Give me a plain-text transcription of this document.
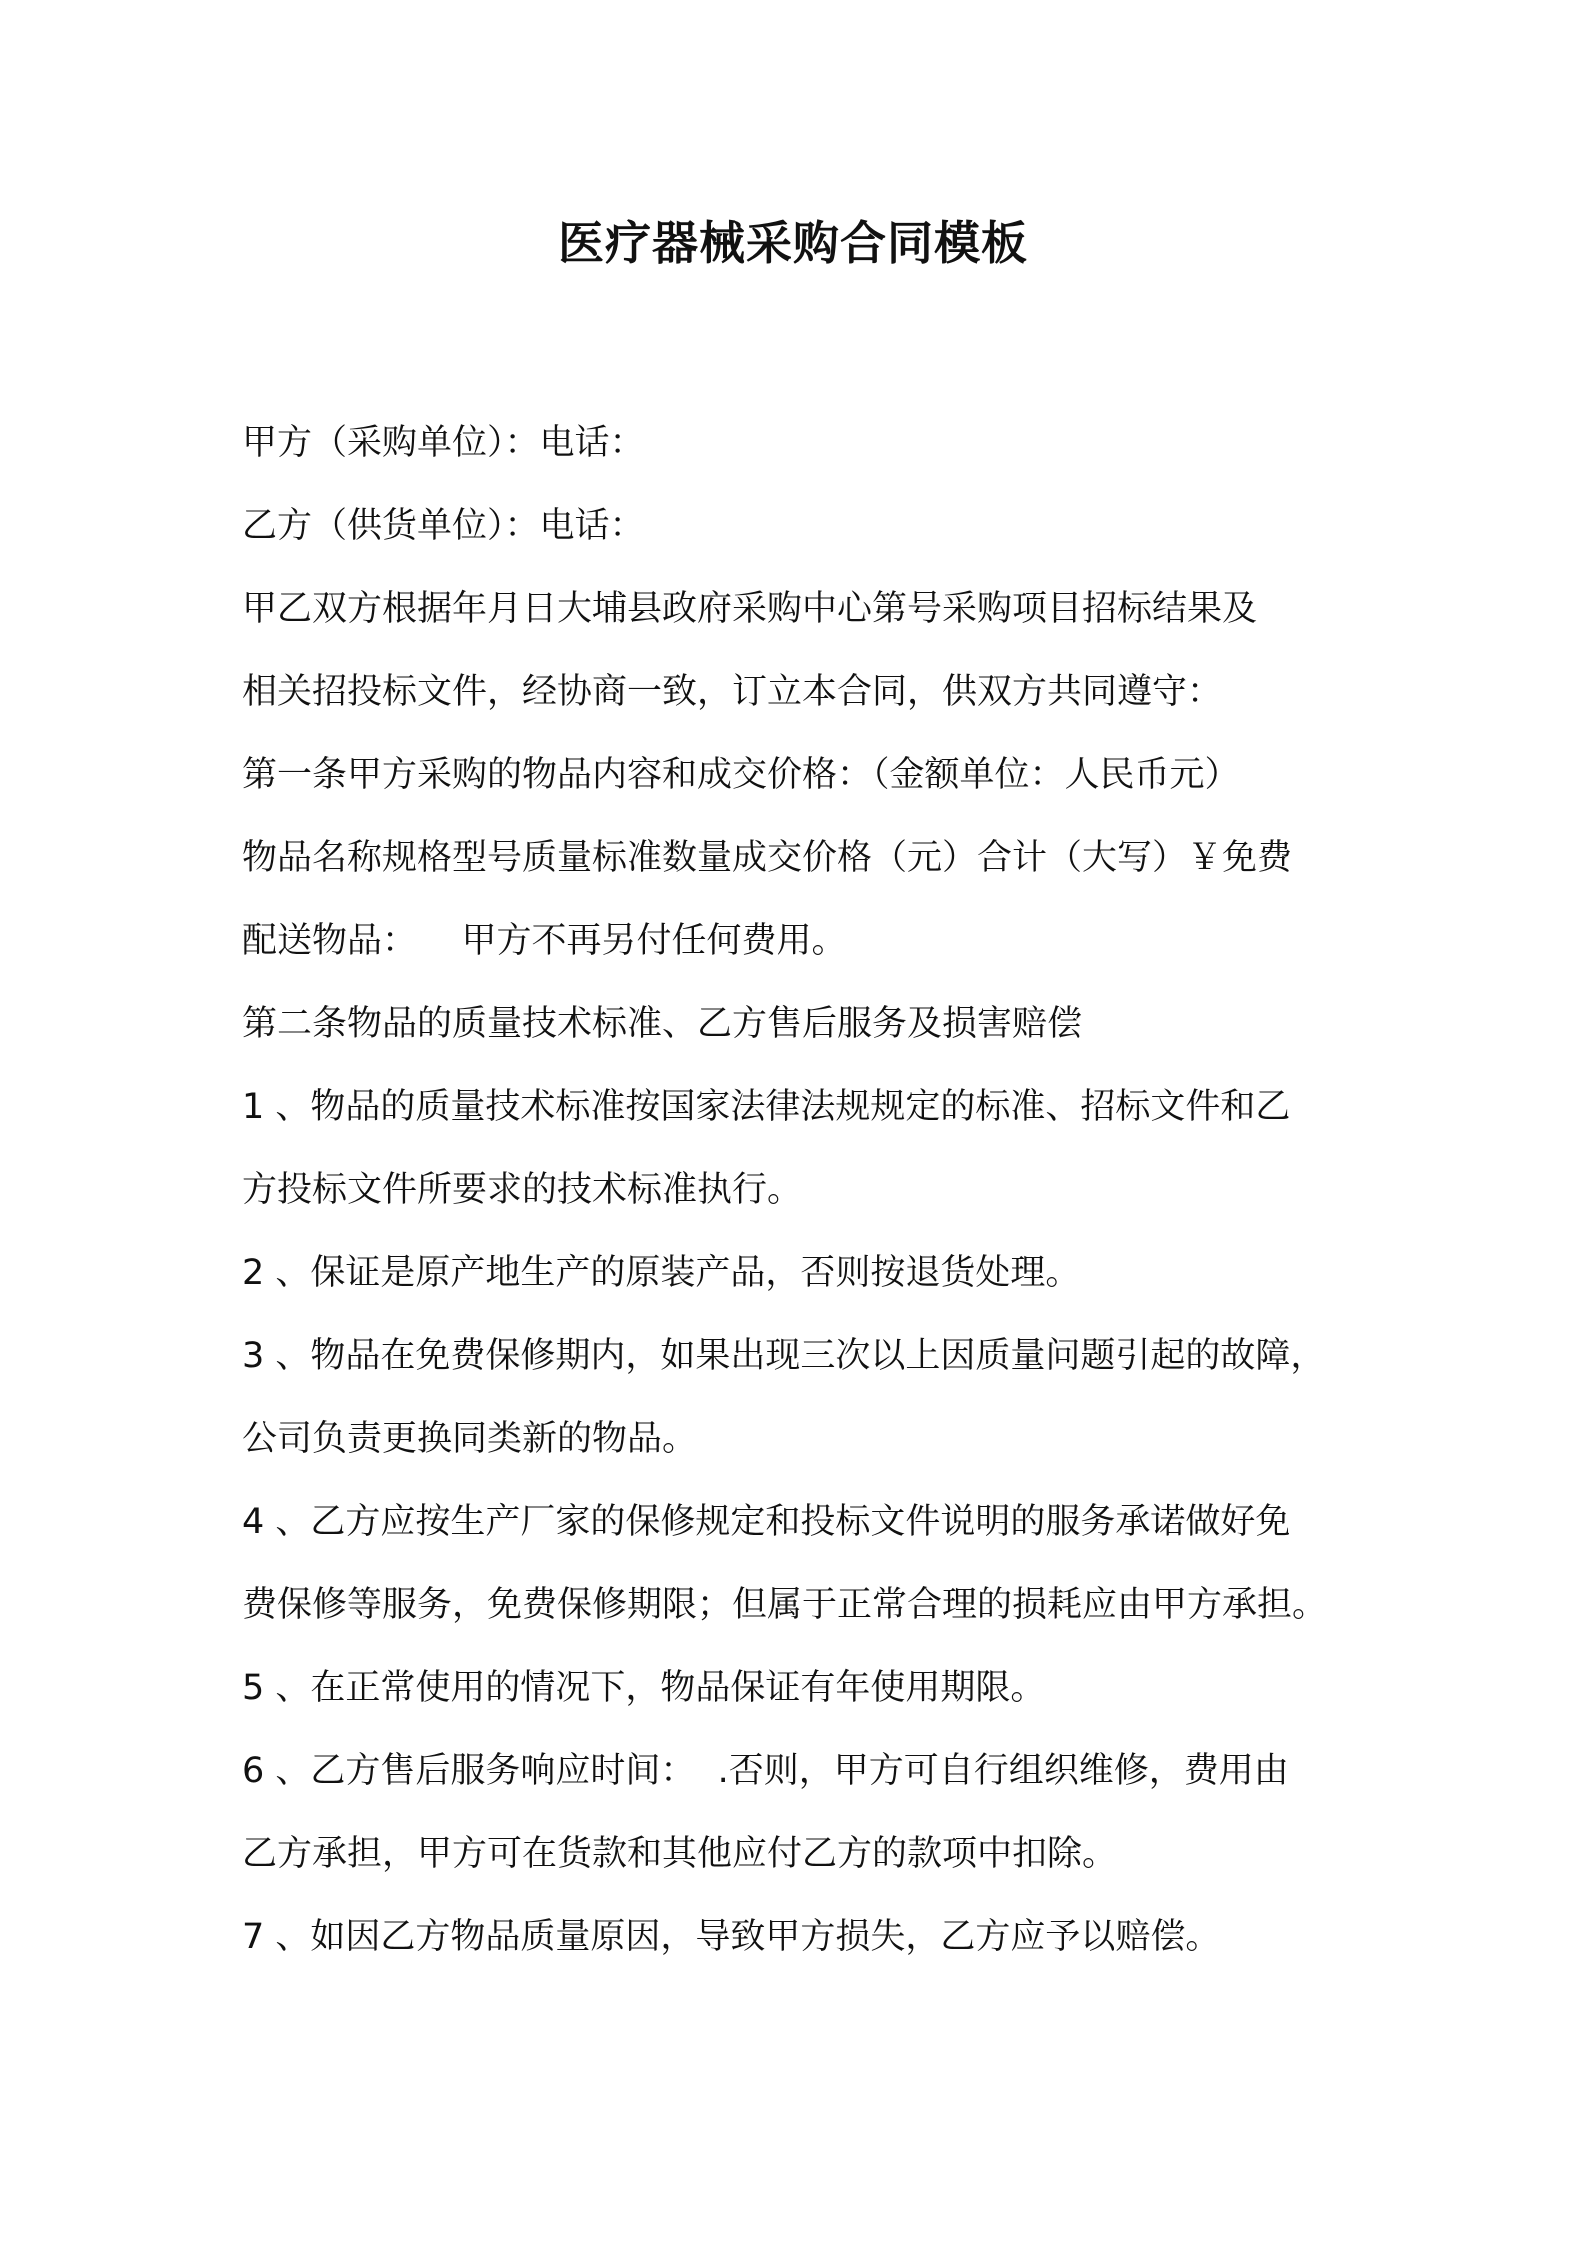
医疗器械采购合同模板

甲方（采购单位）：电话：

乙方（供货单位）：电话：

甲乙双方根据年月日大埔县政府采购中心第号采购项目招标结果及

相关招投标文件，经协商一致，订立本合同，供双方共同遵守：

第一条甲方采购的物品内容和成交价格：（金额单位：人民币元）

物品名称规格型号质量标准数量成交价格（元）合计（大写）￥免费

配送物品：    甲方不再另付任何费用。

第二条物品的质量技术标准、乙方售后服务及损害赔偿

1 、物品的质量技术标准按国家法律法规规定的标准、招标文件和乙

方投标文件所要求的技术标准执行。

2 、保证是原产地生产的原装产品，否则按退货处理。

3 、物品在免费保修期内，如果出现三次以上因质量问题引起的故障，

公司负责更换同类新的物品。

4 、乙方应按生产厂家的保修规定和投标文件说明的服务承诺做好免

费保修等服务，免费保修期限；但属于正常合理的损耗应由甲方承担。

5 、在正常使用的情况下，物品保证有年使用期限。

6 、乙方售后服务响应时间：  .否则，甲方可自行组织维修，费用由

乙方承担，甲方可在货款和其他应付乙方的款项中扣除。

7 、如因乙方物品质量原因，导致甲方损失，乙方应予以赔偿。
